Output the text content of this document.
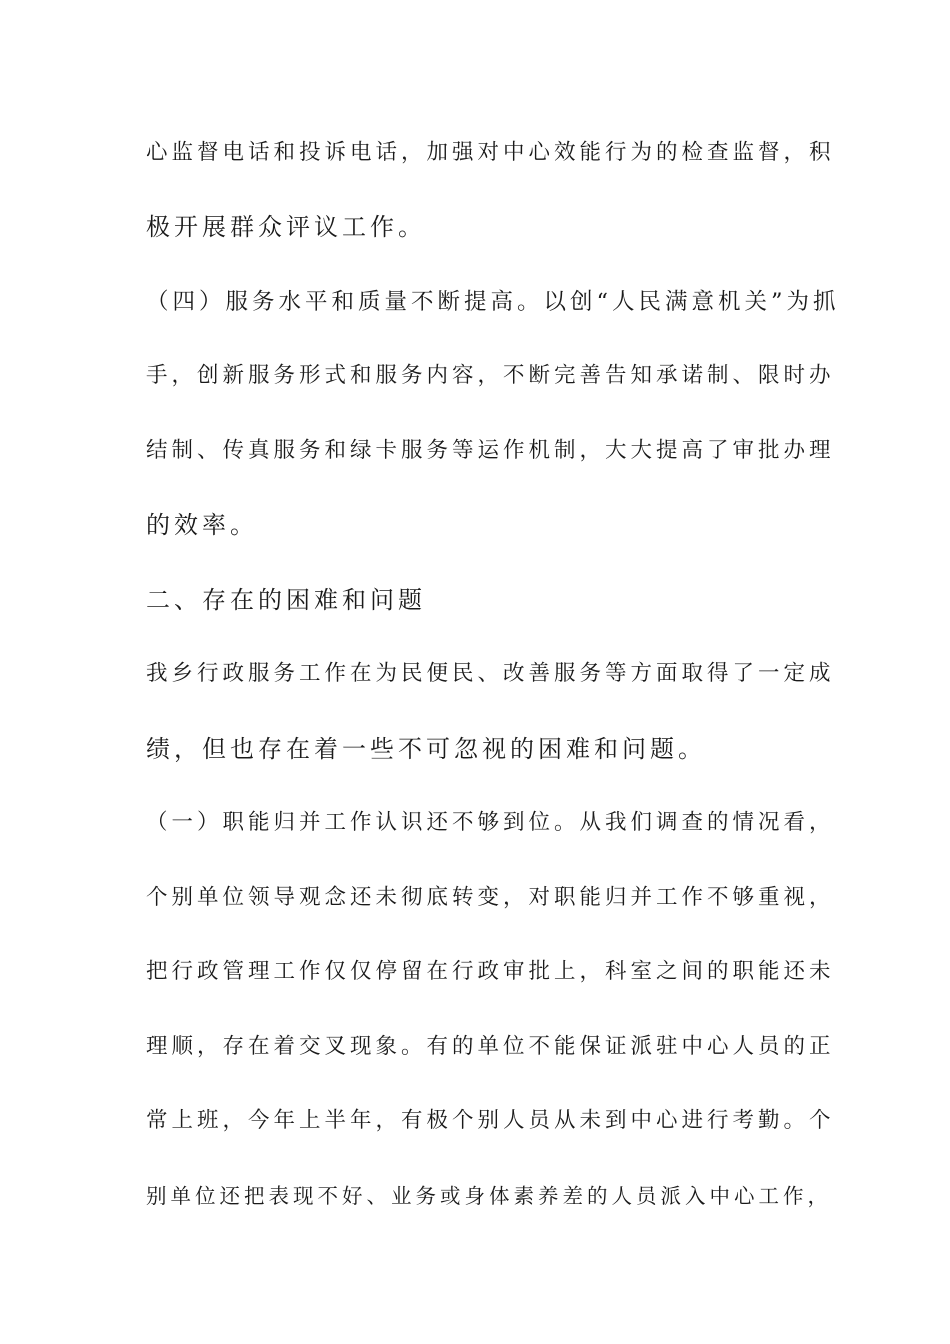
心监督电话和投诉电话，加强对中心效能行为的检查监督，积
极开展群众评议工作。
（四）服务水平和质量不断提高。以创“人民满意机关”为抓
手，创新服务形式和服务内容，不断完善告知承诺制、限时办
结制、传真服务和绿卡服务等运作机制，大大提高了审批办理
的效率。
二、存在的困难和问题
我乡行政服务工作在为民便民、改善服务等方面取得了一定成
绩，但也存在着一些不可忽视的困难和问题。
（一）职能归并工作认识还不够到位。从我们调查的情况看，
个别单位领导观念还未彻底转变，对职能归并工作不够重视，
把行政管理工作仅仅停留在行政审批上，科室之间的职能还未
理顺，存在着交叉现象。有的单位不能保证派驻中心人员的正
常上班，今年上半年，有极个别人员从未到中心进行考勤。个
别单位还把表现不好、业务或身体素养差的人员派入中心工作，
